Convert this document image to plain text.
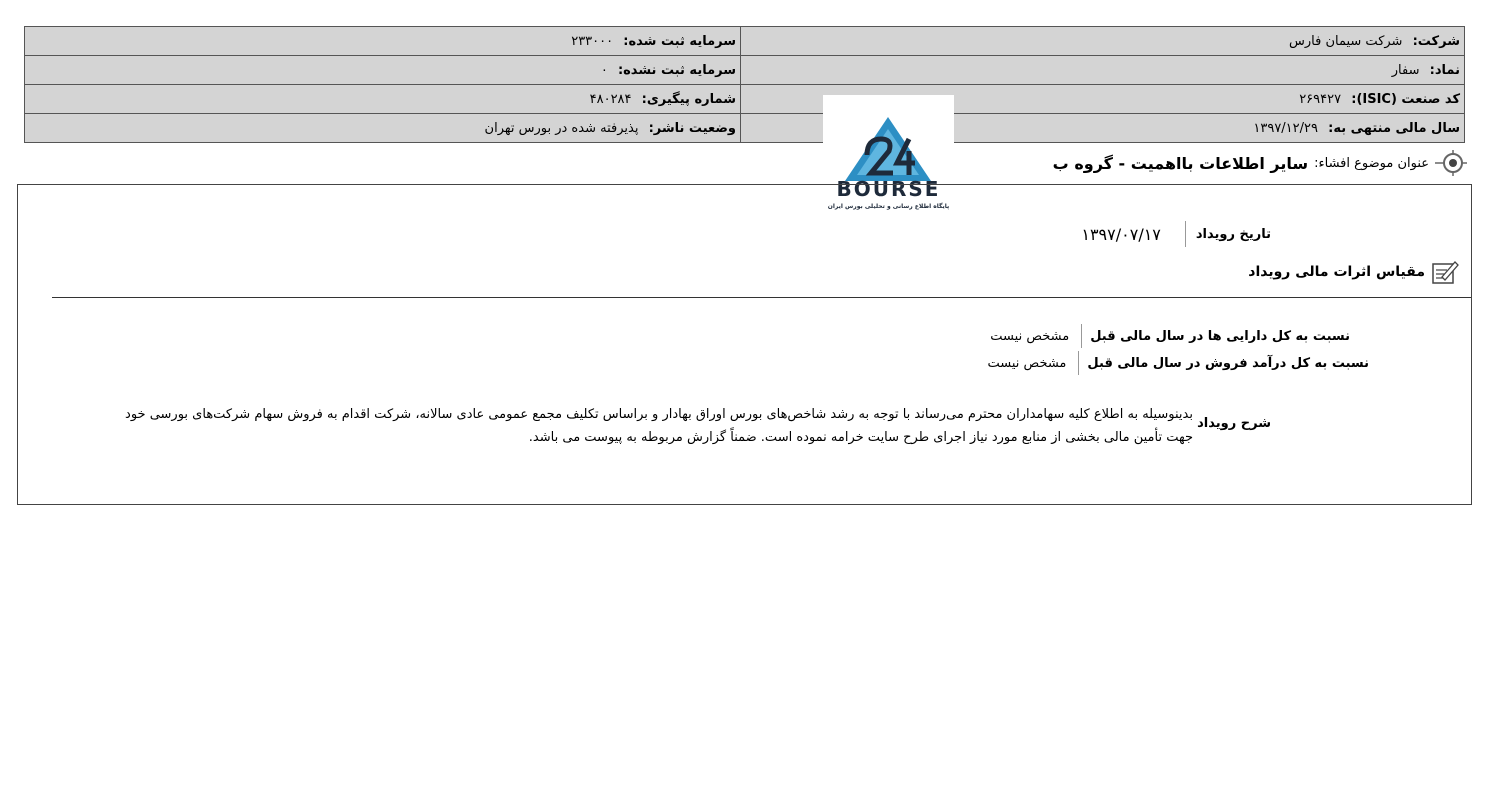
شرکت: شرکت سیمان فارس	سرمایه ثبت شده: ۲۳۳۰۰۰
نماد: سفار	سرمایه ثبت نشده: ۰
کد صنعت (ISIC): ۲۶۹۴۲۷	شماره پیگیری: ۴۸۰۲۸۴
سال مالی منتهی به: ۱۳۹۷/۱۲/۲۹	وضعیت ناشر: پذیرفته شده در بورس تهران
BOURSE
پایگاه اطلاع رسانی و تحلیلی بورس ایران
عنوان موضوع افشاء:
سایر اطلاعات بااهمیت - گروه ب
تاریخ رویداد
۱۳۹۷/۰۷/۱۷
مقیاس اثرات مالی رویداد
نسبت به کل دارایی ها در سال مالی قبل
مشخص نیست
نسبت به کل درآمد فروش در سال مالی قبل
مشخص نیست
شرح رویداد
بدینوسیله به اطلاع کلیه سهامداران محترم می‌رساند با توجه به رشد شاخص‌های بورس اوراق بهادار و براساس تکلیف مجمع عمومی عادی سالانه، شرکت اقدام به فروش سهام شرکت‌های بورسی خود
جهت تأمین مالی بخشی از منابع مورد نیاز اجرای طرح سایت خرامه نموده است. ضمناً گزارش مربوطه به پیوست می باشد.
